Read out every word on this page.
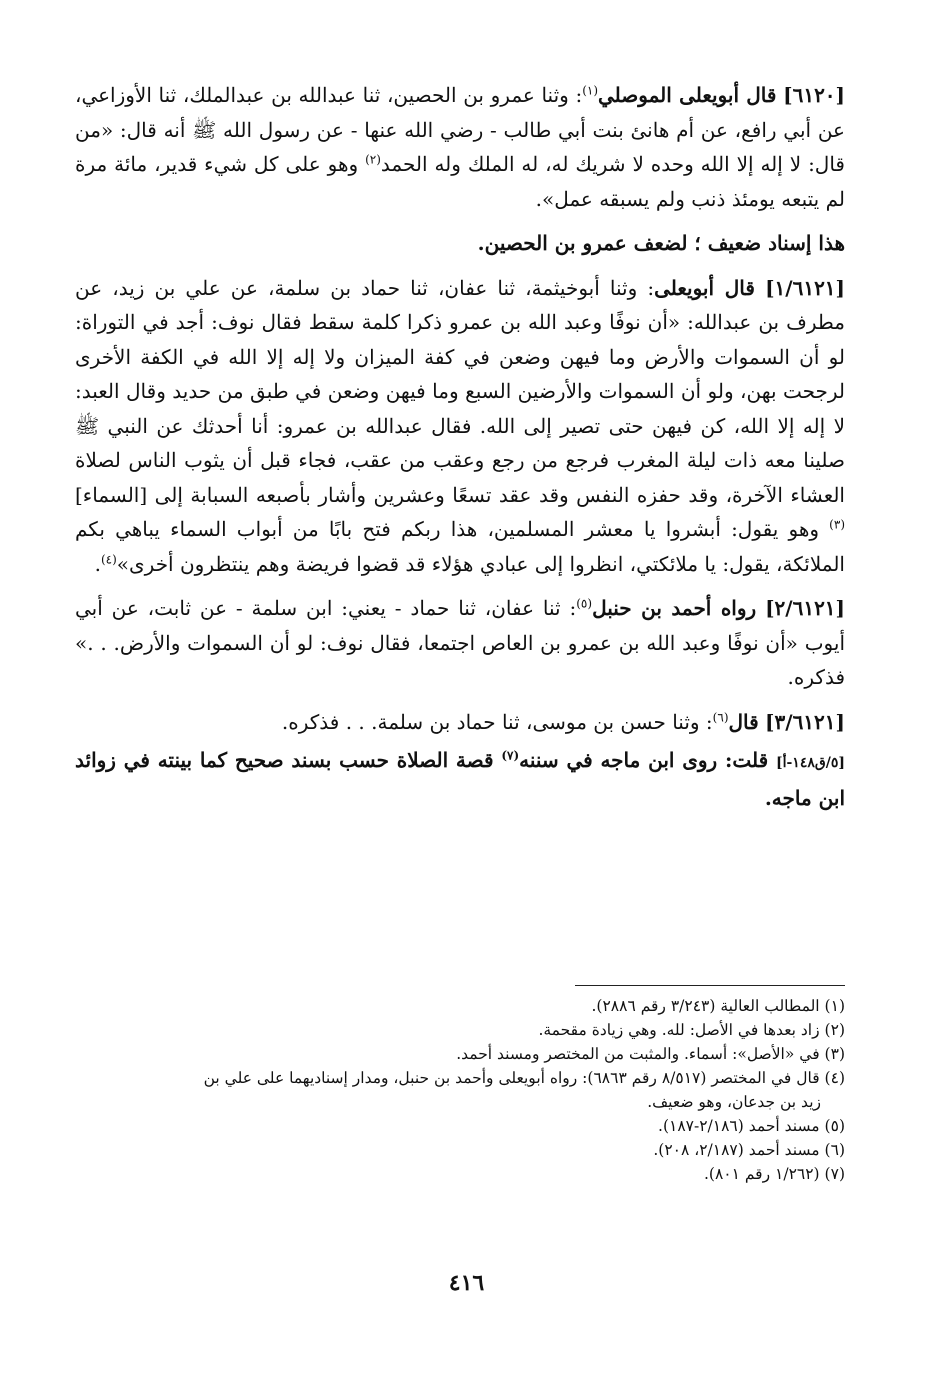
[٦١٢٠] قال أبويعلى الموصلي$^{(١)}$: وثنا عمرو بن الحصين، ثنا عبدالله بن عبدالملك، ثنا الأوزاعي، عن أبي رافع، عن أم هانئ بنت أبي طالب - رضي الله عنها - عن رسول الله ﷺ أنه قال: «من قال: لا إله إلا الله وحده لا شريك له، له الملك وله الحمد$^{(٢)}$ وهو على كل شيء قدير، مائة مرة لم يتبعه يومئذ ذنب ولم يسبقه عمل».

هذا إسناد ضعيف ؛ لضعف عمرو بن الحصين.

[١/٦١٢١] قال أبويعلى: وثنا أبوخيثمة، ثنا عفان، ثنا حماد بن سلمة، عن علي بن زيد، عن مطرف بن عبدالله: «أن نوفًا وعبد الله بن عمرو ذكرا كلمة سقط فقال نوف: أجد في التوراة: لو أن السموات والأرض وما فيهن وضعن في كفة الميزان ولا إله إلا الله في الكفة الأخرى لرجحت بهن، ولو أن السموات والأرضين السبع وما فيهن وضعن في طبق من حديد وقال العبد: لا إله إلا الله، كن فيهن حتى تصير إلى الله. فقال عبدالله بن عمرو: أنا أحدثك عن النبي ﷺ صلينا معه ذات ليلة المغرب فرجع من رجع وعقب من عقب، فجاء قبل أن يثوب الناس لصلاة العشاء الآخرة، وقد حفزه النفس وقد عقد تسعًا وعشرين وأشار بأصبعه السبابة إلى [السماء] $^{(٣)}$ وهو يقول: أبشروا يا معشر المسلمين، هذا ربكم فتح بابًا من أبواب السماء يباهي بكم الملائكة، يقول: يا ملائكتي، انظروا إلى عبادي هؤلاء قد قضوا فريضة وهم ينتظرون أخرى»$^{(٤)}$.

[٢/٦١٢١] رواه أحمد بن حنبل$^{(٥)}$: ثنا عفان، ثنا حماد - يعني: ابن سلمة - عن ثابت، عن أبي أيوب «أن نوفًا وعبد الله بن عمرو بن العاص اجتمعا، فقال نوف: لو أن السموات والأرض. . .» فذكره.

[٣/٦١٢١] قال$^{(٦)}$: وثنا حسن بن موسى، ثنا حماد بن سلمة. . . فذكره.

[٥/ق١٤٨-أ] قلت: روى ابن ماجه في سننه$^{(٧)}$ قصة الصلاة حسب بسند صحيح كما بينته في زوائد ابن ماجه.

(١) المطالب العالية (٣/٢٤٣ رقم ٢٨٨٦).

(٢) زاد بعدها في الأصل: لله. وهي زيادة مقحمة.

(٣) في «الأصل»: أسماء. والمثبت من المختصر ومسند أحمد.

(٤) قال في المختصر (٨/٥١٧ رقم ٦٨٦٣): رواه أبويعلى وأحمد بن حنبل، ومدار إسناديهما على علي بن
زيد بن جدعان، وهو ضعيف.

(٥) مسند أحمد (٢/١٨٦-١٨٧).

(٦) مسند أحمد (٢/١٨٧، ٢٠٨).

(٧) (١/٢٦٢ رقم ٨٠١).

٤١٦
